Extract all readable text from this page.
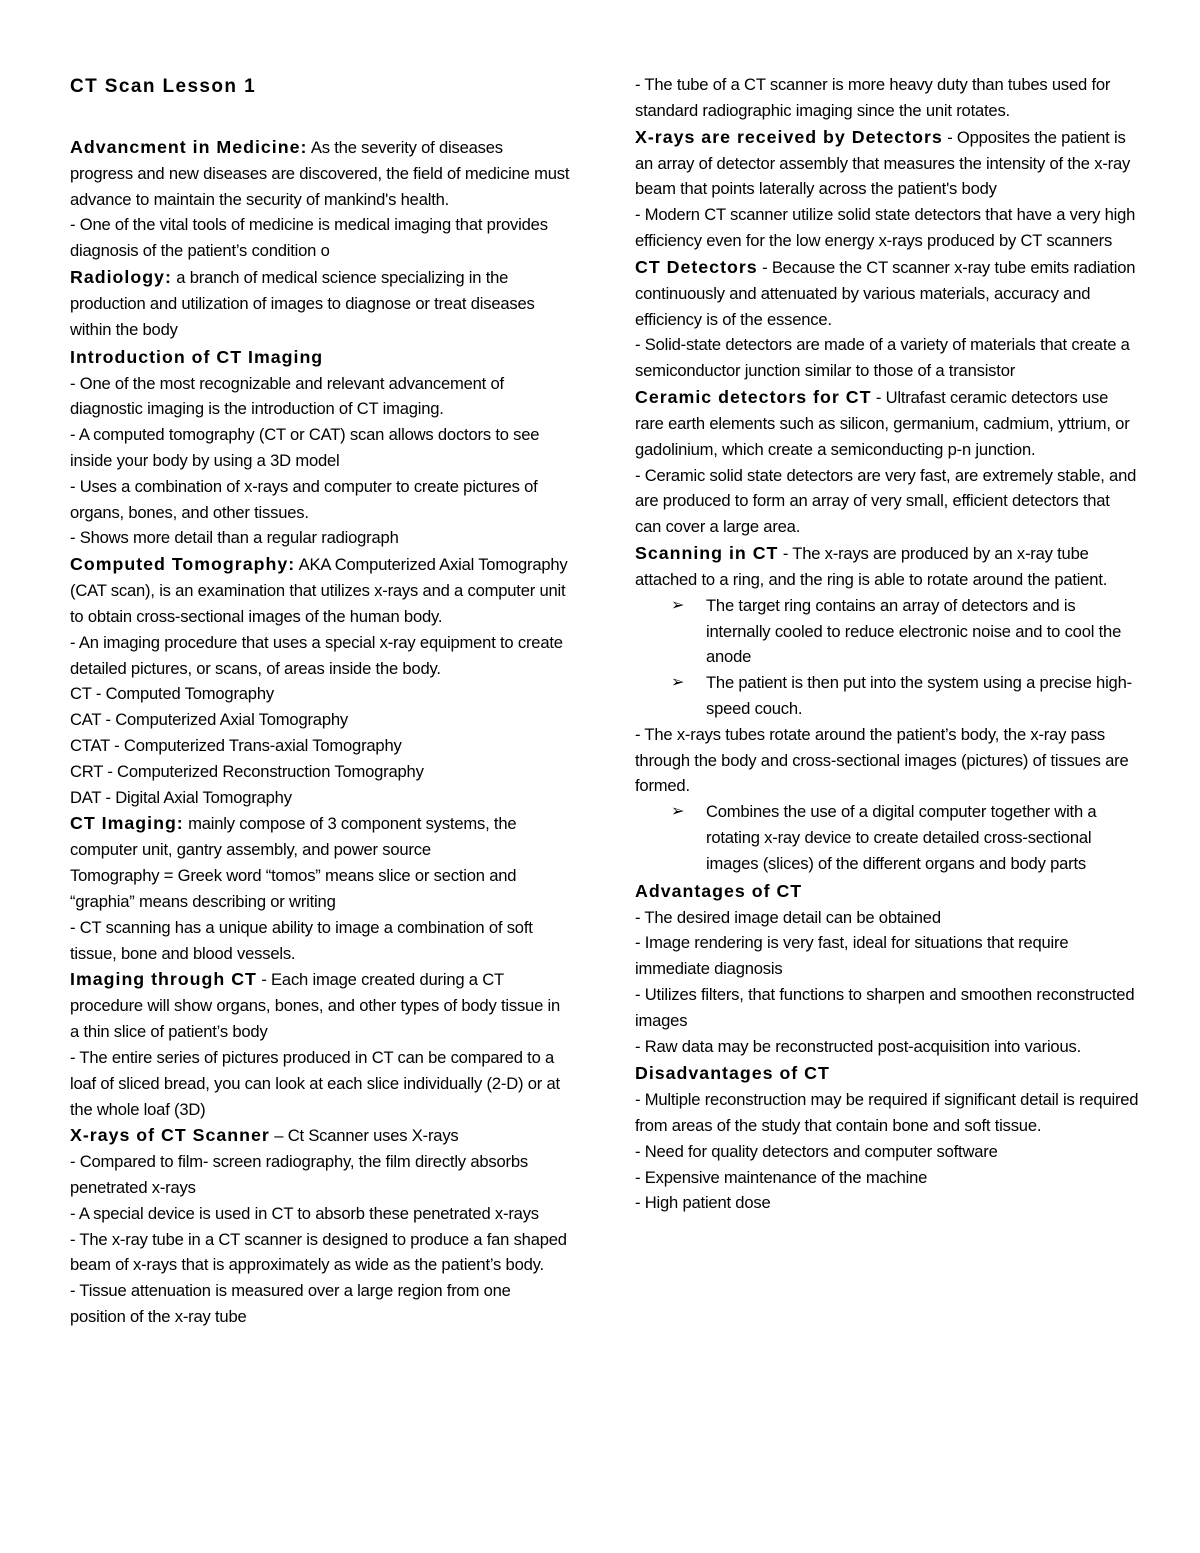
CT Scan Lesson 1

Advancment in Medicine: As the severity of diseases progress and new diseases are discovered, the field of medicine must advance to maintain the security of mankind's health.

- One of the vital tools of medicine is medical imaging that provides diagnosis of the patient’s condition o

Radiology: a branch of medical science specializing in the production and utilization of images to diagnose or treat diseases within the body

Introduction of CT Imaging

- One of the most recognizable and relevant advancement of diagnostic imaging is the introduction of CT imaging.

- A computed tomography (CT or CAT) scan allows doctors to see inside your body by using a 3D model

- Uses a combination of x-rays and computer to create pictures of organs, bones, and other tissues.

- Shows more detail than a regular radiograph

Computed Tomography: AKA Computerized Axial Tomography (CAT scan), is an examination that utilizes x-rays and a computer unit to obtain cross-sectional images of the human body.

- An imaging procedure that uses a special x-ray equipment to create detailed pictures, or scans, of areas inside the body.

CT - Computed Tomography

CAT - Computerized Axial Tomography

CTAT - Computerized Trans-axial Tomography

CRT - Computerized Reconstruction Tomography

DAT - Digital Axial Tomography

CT Imaging: mainly compose of 3 component systems, the computer unit, gantry assembly, and power source

Tomography = Greek word “tomos” means slice or section and “graphia” means describing or writing

- CT scanning has a unique ability to image a combination of soft tissue, bone and blood vessels.

Imaging through CT - Each image created during a CT procedure will show organs, bones, and other types of body tissue in a thin slice of patient’s body

- The entire series of pictures produced in CT can be compared to a loaf of sliced bread, you can look at each slice individually (2-D) or at the whole loaf (3D)

X-rays of CT Scanner – Ct Scanner uses X-rays

- Compared to film- screen radiography, the film directly absorbs penetrated x-rays

- A special device is used in CT to absorb these penetrated x-rays

- The x-ray tube in a CT scanner is designed to produce a fan shaped beam of x-rays that is approximately as wide as the patient’s body.

- Tissue attenuation is measured over a large region from one position of the x-ray tube

- The tube of a CT scanner is more heavy duty than tubes used for standard radiographic imaging since the unit rotates.

X-rays are received by Detectors - Opposites the patient is an array of detector assembly that measures the intensity of the x-ray beam that points laterally across the patient's body

- Modern CT scanner utilize solid state detectors that have a very high efficiency even for the low energy x-rays produced by CT scanners

CT Detectors - Because the CT scanner x-ray tube emits radiation continuously and attenuated by various materials, accuracy and efficiency is of the essence.

- Solid-state detectors are made of a variety of materials that create a semiconductor junction similar to those of a transistor

Ceramic detectors for CT - Ultrafast ceramic detectors use rare earth elements such as silicon, germanium, cadmium, yttrium, or gadolinium, which create a semiconducting p-n junction.

- Ceramic solid state detectors are very fast, are extremely stable, and are produced to form an array of very small, efficient detectors that can cover a large area.

Scanning in CT - The x-rays are produced by an x-ray tube attached to a ring, and the ring is able to rotate around the patient.

➢ The target ring contains an array of detectors and is internally cooled to reduce electronic noise and to cool the anode

➢ The patient is then put into the system using a precise high-speed couch.

- The x-rays tubes rotate around the patient’s body, the x-ray pass through the body and cross-sectional images (pictures) of tissues are formed.

➢ Combines the use of a digital computer together with a rotating x-ray device to create detailed cross-sectional images (slices) of the different organs and body parts

Advantages of CT

- The desired image detail can be obtained

- Image rendering is very fast, ideal for situations that require immediate diagnosis

- Utilizes filters, that functions to sharpen and smoothen reconstructed images

- Raw data may be reconstructed post-acquisition into various.

Disadvantages of CT

- Multiple reconstruction may be required if significant detail is required from areas of the study that contain bone and soft tissue.

- Need for quality detectors and computer software

- Expensive maintenance of the machine

- High patient dose
